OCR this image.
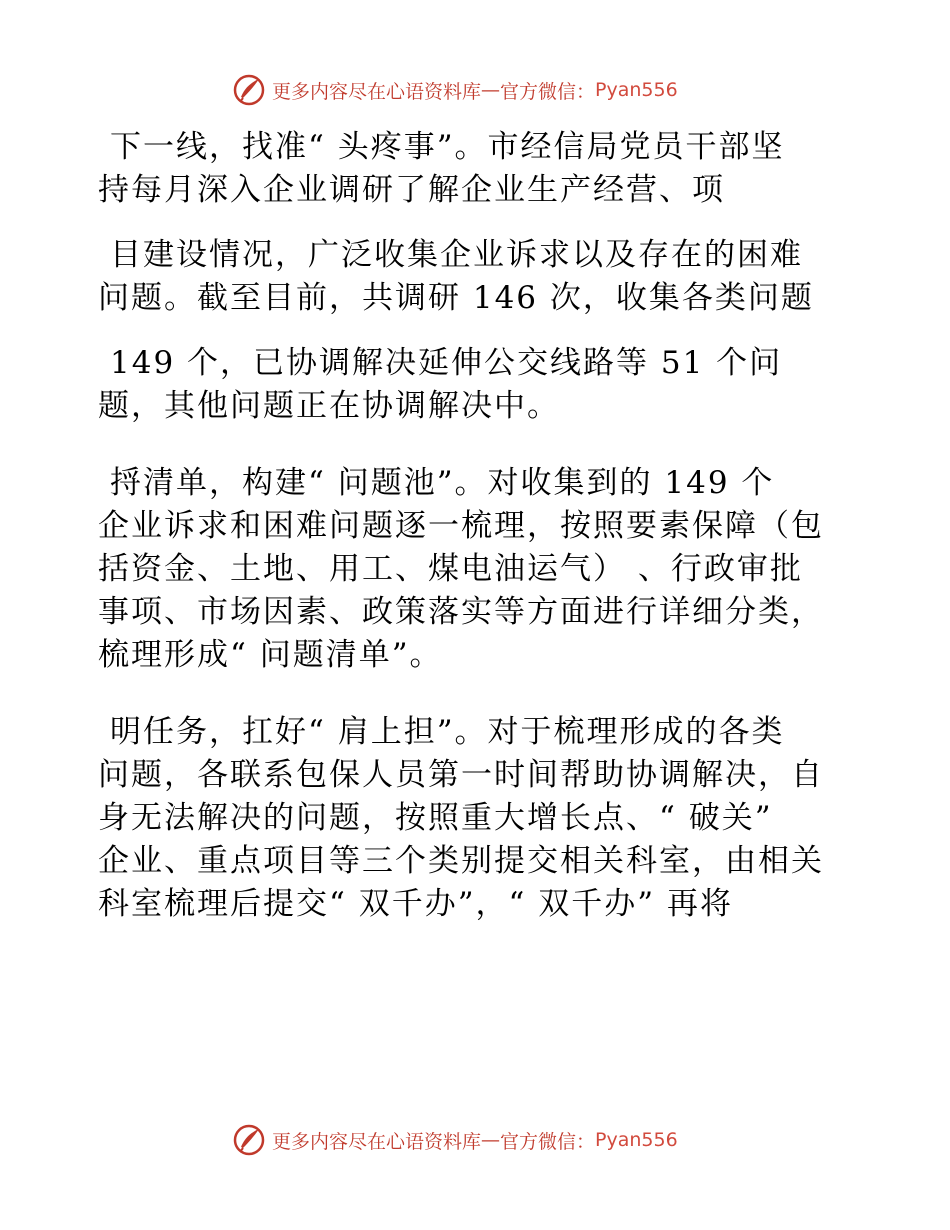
更多内容尽在心语资料库 — 官方微信： Pyan556
下一线，找准“ 头疼事”。市经信局党员干部坚
持每月深入企业调研了解企业生产经营、项
目建设情况，广泛收集企业诉求以及存在的困难
问题。截至目前，共调研 146 次，收集各类问题
149 个，已协调解决延伸公交线路等 51 个问
题，其他问题正在协调解决中。
捋清单，构建“ 问题池”。对收集到的 149 个
企业诉求和困难问题逐一梳理，按照要素保障（包
括资金、土地、用工、煤电油运气） 、行政审批
事项、市场因素、政策落实等方面进行详细分类，
梳理形成“ 问题清单”。
明任务，扛好“ 肩上担”。对于梳理形成的各类
问题，各联系包保人员第一时间帮助协调解决，自
身无法解决的问题，按照重大增长点、“ 破关”
企业、重点项目等三个类别提交相关科室，由相关
科室梳理后提交“ 双千办”，“ 双千办” 再将
更多内容尽在心语资料库 — 官方微信： Pyan556
